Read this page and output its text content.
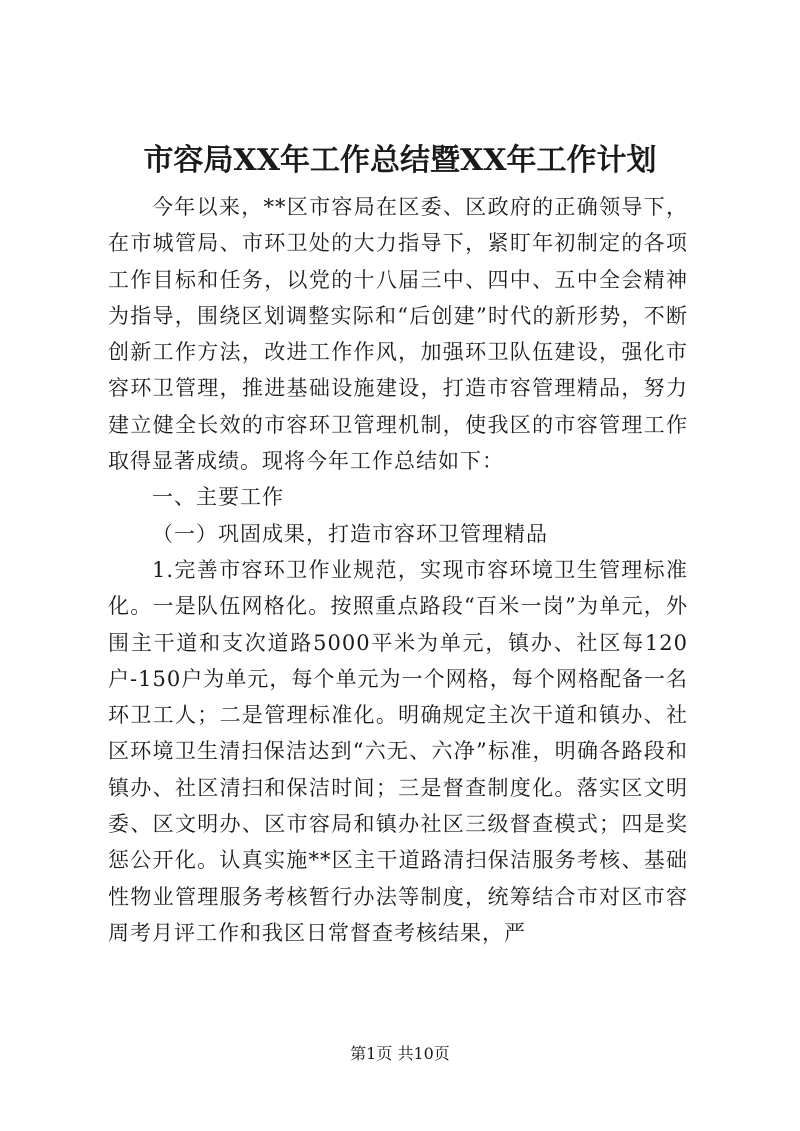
市容局XX年工作总结暨XX年工作计划

今年以来，**区市容局在区委、区政府的正确领导下，在市城管局、市环卫处的大力指导下，紧盯年初制定的各项工作目标和任务，以党的十八届三中、四中、五中全会精神为指导，围绕区划调整实际和“后创建”时代的新形势，不断创新工作方法，改进工作作风，加强环卫队伍建设，强化市容环卫管理，推进基础设施建设，打造市容管理精品，努力建立健全长效的市容环卫管理机制，使我区的市容管理工作取得显著成绩。现将今年工作总结如下：

一、主要工作

（一）巩固成果，打造市容环卫管理精品

1.完善市容环卫作业规范，实现市容环境卫生管理标准化。一是队伍网格化。按照重点路段“百米一岗”为单元，外围主干道和支次道路5000平米为单元，镇办、社区每120户-150户为单元，每个单元为一个网格，每个网格配备一名环卫工人；二是管理标准化。明确规定主次干道和镇办、社区环境卫生清扫保洁达到“六无、六净”标准，明确各路段和镇办、社区清扫和保洁时间；三是督查制度化。落实区文明委、区文明办、区市容局和镇办社区三级督查模式；四是奖惩公开化。认真实施**区主干道路清扫保洁服务考核、基础性物业管理服务考核暂行办法等制度，统筹结合市对区市容周考月评工作和我区日常督查考核结果，严

第1页 共10页
